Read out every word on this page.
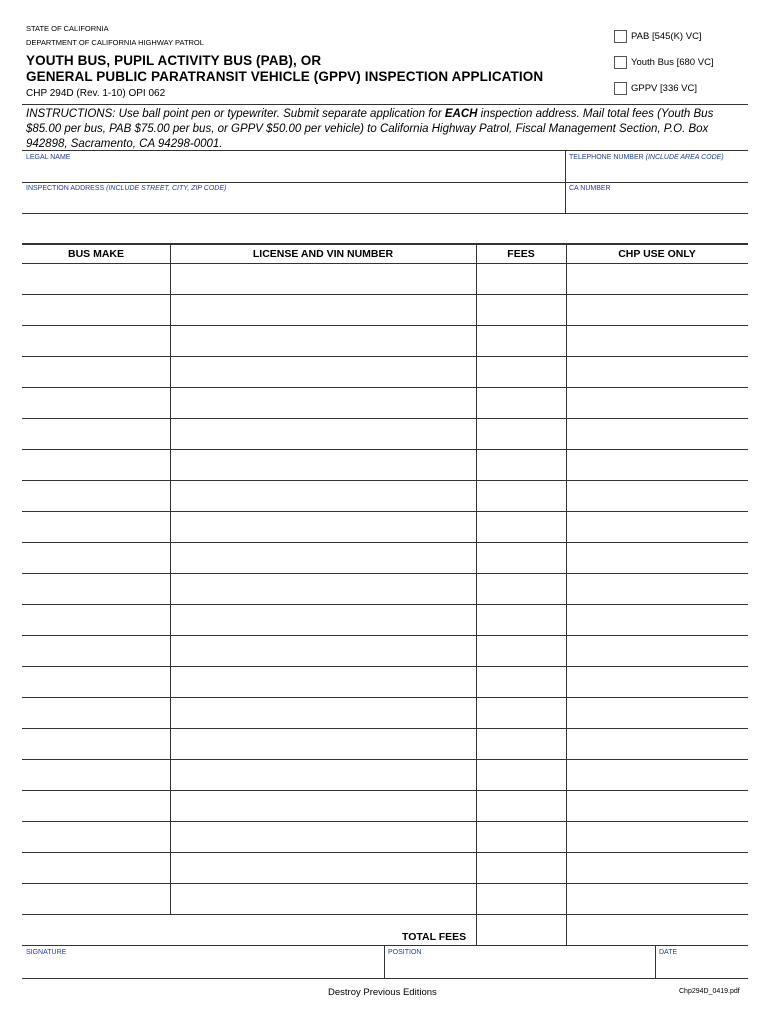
STATE OF CALIFORNIA
DEPARTMENT OF CALIFORNIA HIGHWAY PATROL
YOUTH BUS, PUPIL ACTIVITY BUS (PAB), OR
GENERAL PUBLIC PARATRANSIT VEHICLE (GPPV) INSPECTION APPLICATION
CHP 294D (Rev. 1-10) OPI 062
PAB [545(K) VC]
Youth Bus [680 VC]
GPPV [336 VC]
INSTRUCTIONS: Use ball point pen or typewriter. Submit separate application for EACH inspection address. Mail total fees (Youth Bus $85.00 per bus, PAB $75.00 per bus, or GPPV $50.00 per vehicle) to California Highway Patrol, Fiscal Management Section, P.O. Box 942898, Sacramento, CA 94298-0001.
LEGAL NAME	TELEPHONE NUMBER (INCLUDE AREA CODE)
INSPECTION ADDRESS (INCLUDE STREET, CITY, ZIP CODE)	CA NUMBER
BUS MAKE	LICENSE AND VIN NUMBER	FEES	CHP USE ONLY
TOTAL FEES
SIGNATURE	POSITION	DATE
Destroy Previous Editions	Chp294D_0419.pdf
